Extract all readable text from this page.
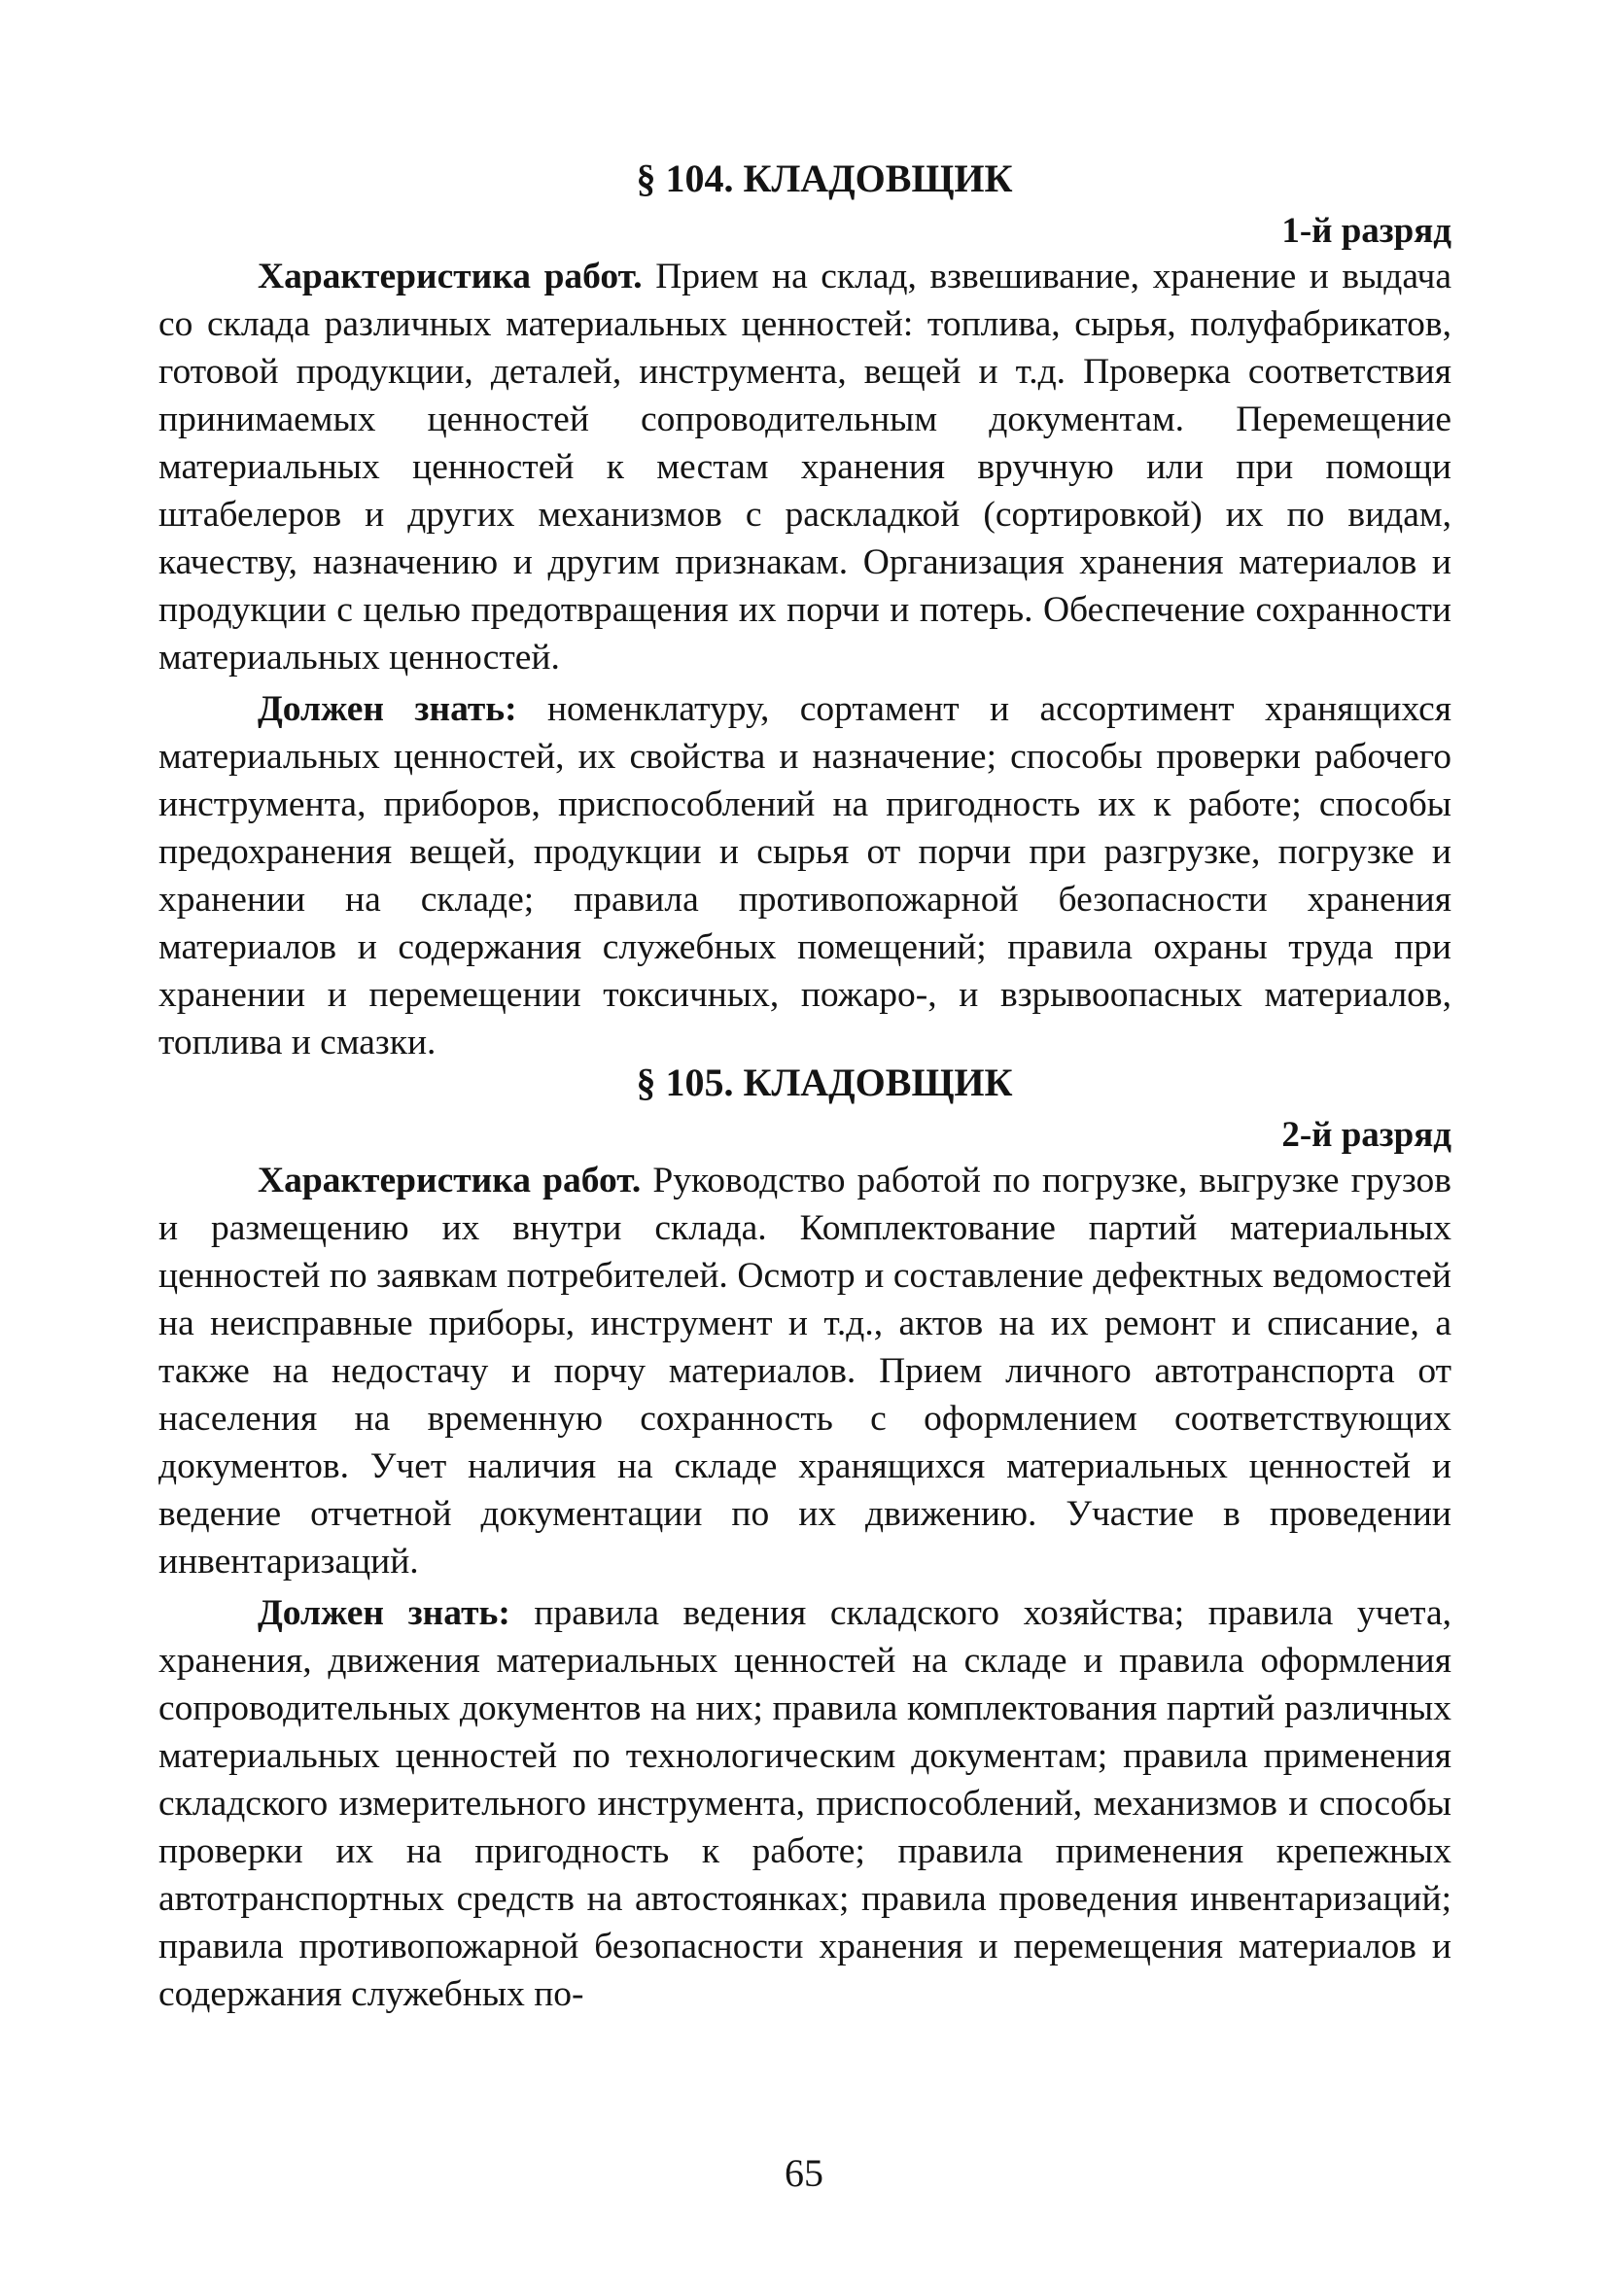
§ 104. КЛАДОВЩИК

1-й разряд

Характеристика работ. Прием на склад, взвешивание, хранение и выдача со склада различных материальных ценностей: топлива, сырья, полуфабрикатов, готовой продукции, деталей, инструмента, вещей и т.д. Проверка соответствия принимаемых ценностей сопроводительным документам. Перемещение материальных ценностей к местам хранения вручную или при помощи штабелеров и других механизмов с раскладкой (сортировкой) их по видам, качеству, назначению и другим признакам. Организация хранения материалов и продукции с целью предотвращения их порчи и потерь. Обеспечение сохранности материальных ценностей.

Должен знать: номенклатуру, сортамент и ассортимент хранящихся материальных ценностей, их свойства и назначение; способы проверки рабочего инструмента, приборов, приспособлений на пригодность их к работе; способы предохранения вещей, продукции и сырья от порчи при разгрузке, погрузке и хранении на складе; правила противопожарной безопасности хранения материалов и содержания служебных помещений; правила охраны труда при хранении и перемещении токсичных, пожаро-, и взрывоопасных материалов, топлива и смазки.

§ 105. КЛАДОВЩИК

2-й разряд

Характеристика работ. Руководство работой по погрузке, выгрузке грузов и размещению их внутри склада. Комплектование партий материальных ценностей по заявкам потребителей. Осмотр и составление дефектных ведомостей на неисправные приборы, инструмент и т.д., актов на их ремонт и списание, а также на недостачу и порчу материалов. Прием личного автотранспорта от населения на временную сохранность с оформлением соответствующих документов. Учет наличия на складе хранящихся материальных ценностей и ведение отчетной документации по их движению. Участие в проведении инвентаризаций.

Должен знать: правила ведения складского хозяйства; правила учета, хранения, движения материальных ценностей на складе и правила оформления сопроводительных документов на них; правила комплектования партий различных материальных ценностей по технологическим документам; правила применения складского измерительного инструмента, приспособлений, механизмов и способы проверки их на пригодность к работе; правила применения крепежных автотранспортных средств на автостоянках; правила проведения инвентаризаций; правила противопожарной безопасности хранения и перемещения материалов и содержания служебных по-

65
